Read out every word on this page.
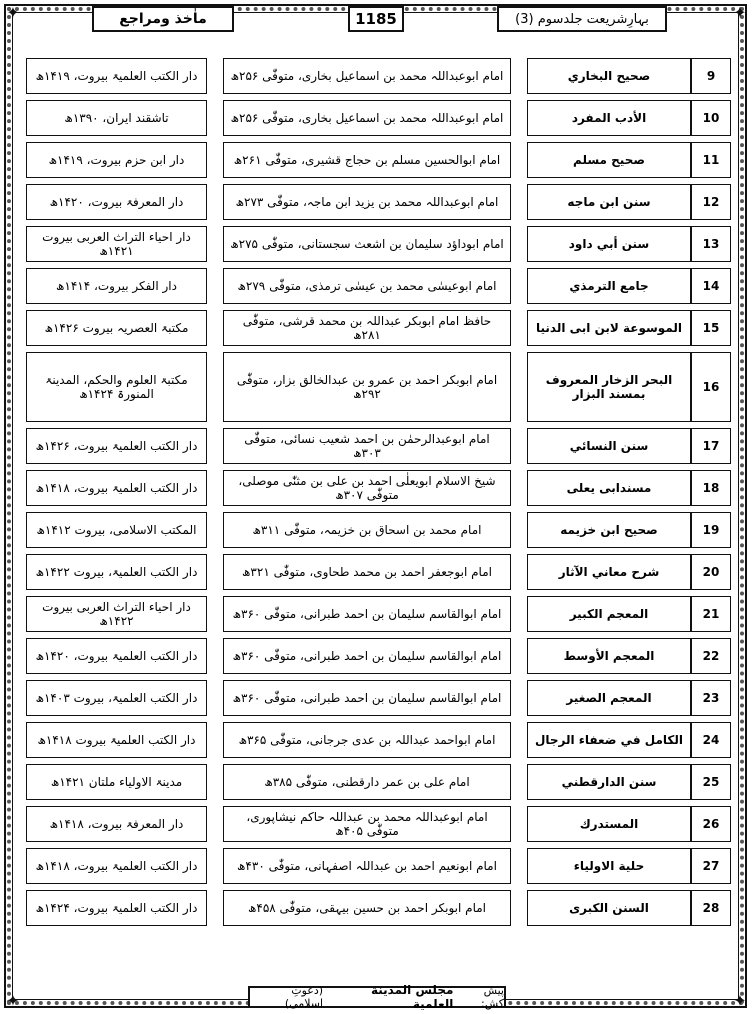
✦	✦
✦	✦
ماٰخذ ومراجع	1185	بہارِشریعت جلدسوم (3)
دار الکتب العلمیۃ بیروت، ۱۴۱۹ھ		امام ابوعبداللہ محمد بن اسماعیل بخاری، متوفّٰی ۲۵۶ھ		صحيح البخاري	9
تاشقند ایران، ۱۳۹۰ھ		امام ابوعبداللہ محمد بن اسماعیل بخاری، متوفّٰی ۲۵۶ھ		الأدب المفرد	10
دار ابن حزم بیروت، ۱۴۱۹ھ		امام ابوالحسین مسلم بن حجاج قشیری، متوفّٰی ۲۶۱ھ		صحيح مسلم	11
دار المعرفۃ بیروت، ۱۴۲۰ھ		امام ابوعبداللہ محمد بن یزید ابن ماجہ، متوفّٰی ۲۷۳ھ		سنن ابن ماجه	12
دار احیاء التراث العربی بیروت ۱۴۲۱ھ		امام ابوداؤد سلیمان بن اشعث سجستانی، متوفّٰی ۲۷۵ھ		سنن أبي داود	13
دار الفکر بیروت، ۱۴۱۴ھ		امام ابوعیسٰی محمد بن عیسٰی ترمذی، متوفّٰی ۲۷۹ھ		جامع الترمذي	14
مکتبۃ العصریہ بیروت ۱۴۲۶ھ		حافظ امام ابوبکر عبداللہ بن محمد قرشی، متوفّٰی ۲۸۱ھ		الموسوعة لابن ابى الدنيا	15
مکتبۃ العلوم والحکم، المدینۃ المنورۃ ۱۴۲۴ھ		امام ابوبکر احمد بن عمرو بن عبدالخالق بزار، متوفّٰی ۲۹۲ھ		البحر الزخار المعروف بمسند البزار	16
دار الکتب العلمیۃ بیروت، ۱۴۲۶ھ		امام ابوعبدالرحمٰن بن احمد شعیب نسائی، متوفّٰی ۳۰۳ھ		سنن النسائي	17
دار الکتب العلمیۃ بیروت، ۱۴۱۸ھ		شیخ الاسلام ابویعلٰی احمد بن علی بن مثنّٰی موصلی، متوفّٰی ۳۰۷ھ		مسندابى يعلى	18
المکتب الاسلامی، بیروت ۱۴۱۲ھ		امام محمد بن اسحاق بن خزیمہ، متوفّٰی ۳۱۱ھ		صحيح ابن خزيمه	19
دار الکتب العلمیۃ، بیروت ۱۴۲۲ھ		امام ابوجعفر احمد بن محمد طحاوی، متوفّٰی ۳۲۱ھ		شرح معاني الآثار	20
دار احیاء التراث العربی بیروت ۱۴۲۲ھ		امام ابوالقاسم سلیمان بن احمد طبرانی، متوفّٰی ۳۶۰ھ		المعجم الكبير	21
دار الکتب العلمیۃ بیروت، ۱۴۲۰ھ		امام ابوالقاسم سلیمان بن احمد طبرانی، متوفّٰی ۳۶۰ھ		المعجم الأوسط	22
دار الکتب العلمیۃ، بیروت ۱۴۰۳ھ		امام ابوالقاسم سلیمان بن احمد طبرانی، متوفّٰی ۳۶۰ھ		المعجم الصغير	23
دار الکتب العلمیۃ بیروت ۱۴۱۸ھ		امام ابواحمد عبداللہ بن عدی جرجانی، متوفّٰی ۳۶۵ھ		الكامل في ضعفاء الرجال	24
مدینۃ الاولیاء ملتان ۱۴۲۱ھ		امام علی بن عمر دارقطنی، متوفّٰی ۳۸۵ھ		سنن الدارقطني	25
دار المعرفۃ بیروت، ۱۴۱۸ھ		امام ابوعبداللہ محمد بن عبداللہ حاکم نیشاپوری، متوفّٰی ۴۰۵ھ		المستدرك	26
دار الکتب العلمیۃ بیروت، ۱۴۱۸ھ		امام ابونعیم احمد بن عبداللہ اصفہانی، متوفّٰی ۴۳۰ھ		حلية الاولياء	27
دار الکتب العلمیۃ بیروت، ۱۴۲۴ھ		امام ابوبکر احمد بن حسین بیہقی، متوفّٰی ۴۵۸ھ		السنن الكبرى	28
پیش کش:
مجلس المدينة العلمية
(دعوتِ اسلامی)
